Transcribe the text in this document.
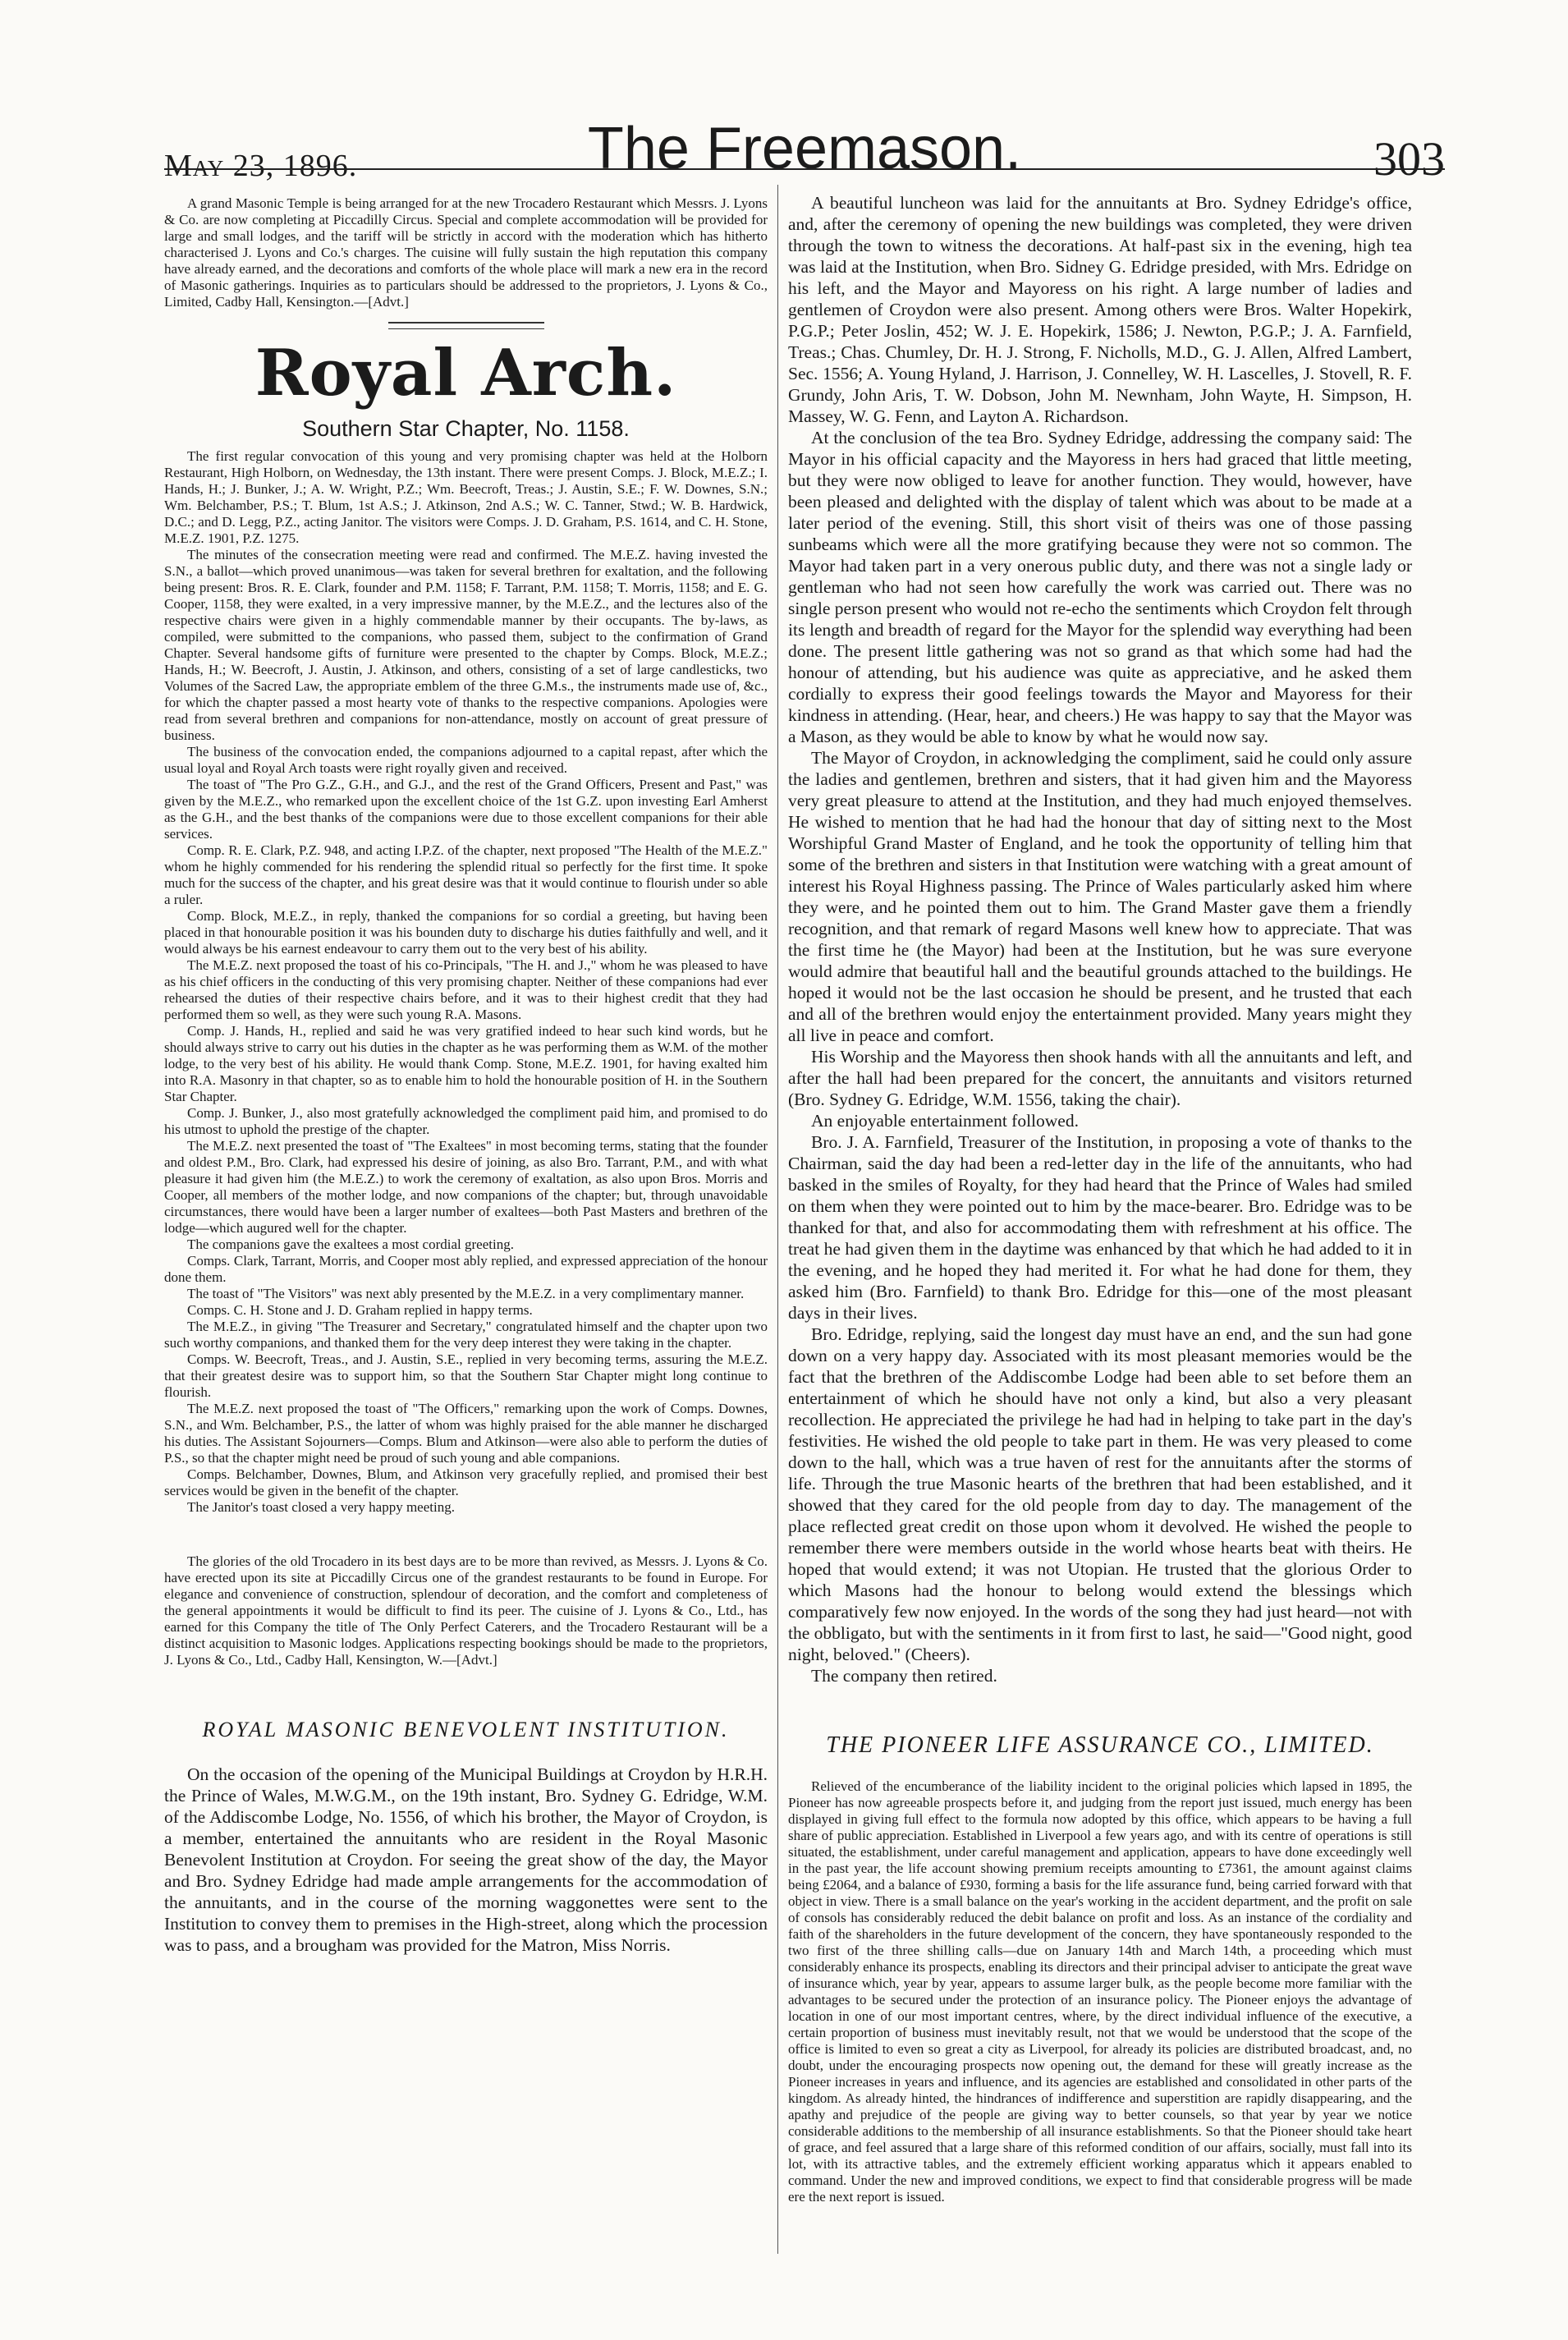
May 23, 1896.	The Freemason.	303

A grand Masonic Temple is being arranged for at the new Trocadero Restaurant which Messrs. J. Lyons & Co. are now completing at Piccadilly Circus. Special and complete accommodation will be provided for large and small lodges, and the tariff will be strictly in accord with the moderation which has hitherto characterised J. Lyons and Co.'s charges. The cuisine will fully sustain the high reputation this company have already earned, and the decorations and comforts of the whole place will mark a new era in the record of Masonic gatherings. Inquiries as to particulars should be addressed to the proprietors, J. Lyons & Co., Limited, Cadby Hall, Kensington.—[Advt.]

Royal Arch.
Southern Star Chapter, No. 1158.

The first regular convocation of this young and very promising chapter was held at the Holborn Restaurant, High Holborn, on Wednesday, the 13th instant. There were present Comps. J. Block, M.E.Z.; I. Hands, H.; J. Bunker, J.; A. W. Wright, P.Z.; Wm. Beecroft, Treas.; J. Austin, S.E.; F. W. Downes, S.N.; Wm. Belchamber, P.S.; T. Blum, 1st A.S.; J. Atkinson, 2nd A.S.; W. C. Tanner, Stwd.; W. B. Hardwick, D.C.; and D. Legg, P.Z., acting Janitor. The visitors were Comps. J. D. Graham, P.S. 1614, and C. H. Stone, M.E.Z. 1901, P.Z. 1275.

The minutes of the consecration meeting were read and confirmed. The M.E.Z. having invested the S.N., a ballot—which proved unanimous—was taken for several brethren for exaltation, and the following being present: Bros. R. E. Clark, founder and P.M. 1158; F. Tarrant, P.M. 1158; T. Morris, 1158; and E. G. Cooper, 1158, they were exalted, in a very impressive manner, by the M.E.Z., and the lectures also of the respective chairs were given in a highly commendable manner by their occupants. The by-laws, as compiled, were submitted to the companions, who passed them, subject to the confirmation of Grand Chapter. Several handsome gifts of furniture were presented to the chapter by Comps. Block, M.E.Z.; Hands, H.; W. Beecroft, J. Austin, J. Atkinson, and others, consisting of a set of large candlesticks, two Volumes of the Sacred Law, the appropriate emblem of the three G.M.s., the instruments made use of, &c., for which the chapter passed a most hearty vote of thanks to the respective companions. Apologies were read from several brethren and companions for non-attendance, mostly on account of great pressure of business.

The business of the convocation ended, the companions adjourned to a capital repast, after which the usual loyal and Royal Arch toasts were right royally given and received.

The toast of "The Pro G.Z., G.H., and G.J., and the rest of the Grand Officers, Present and Past," was given by the M.E.Z., who remarked upon the excellent choice of the 1st G.Z. upon investing Earl Amherst as the G.H., and the best thanks of the companions were due to those excellent companions for their able services.

Comp. R. E. Clark, P.Z. 948, and acting I.P.Z. of the chapter, next proposed "The Health of the M.E.Z." whom he highly commended for his rendering the splendid ritual so perfectly for the first time. It spoke much for the success of the chapter, and his great desire was that it would continue to flourish under so able a ruler.

Comp. Block, M.E.Z., in reply, thanked the companions for so cordial a greeting, but having been placed in that honourable position it was his bounden duty to discharge his duties faithfully and well, and it would always be his earnest endeavour to carry them out to the very best of his ability.

The M.E.Z. next proposed the toast of his co-Principals, "The H. and J.," whom he was pleased to have as his chief officers in the conducting of this very promising chapter. Neither of these companions had ever rehearsed the duties of their respective chairs before, and it was to their highest credit that they had performed them so well, as they were such young R.A. Masons.

Comp. J. Hands, H., replied and said he was very gratified indeed to hear such kind words, but he should always strive to carry out his duties in the chapter as he was performing them as W.M. of the mother lodge, to the very best of his ability. He would thank Comp. Stone, M.E.Z. 1901, for having exalted him into R.A. Masonry in that chapter, so as to enable him to hold the honourable position of H. in the Southern Star Chapter.

Comp. J. Bunker, J., also most gratefully acknowledged the compliment paid him, and promised to do his utmost to uphold the prestige of the chapter.

The M.E.Z. next presented the toast of "The Exaltees" in most becoming terms, stating that the founder and oldest P.M., Bro. Clark, had expressed his desire of joining, as also Bro. Tarrant, P.M., and with what pleasure it had given him (the M.E.Z.) to work the ceremony of exaltation, as also upon Bros. Morris and Cooper, all members of the mother lodge, and now companions of the chapter; but, through unavoidable circumstances, there would have been a larger number of exaltees—both Past Masters and brethren of the lodge—which augured well for the chapter.

The companions gave the exaltees a most cordial greeting.

Comps. Clark, Tarrant, Morris, and Cooper most ably replied, and expressed appreciation of the honour done them.

The toast of "The Visitors" was next ably presented by the M.E.Z. in a very complimentary manner.

Comps. C. H. Stone and J. D. Graham replied in happy terms.

The M.E.Z., in giving "The Treasurer and Secretary," congratulated himself and the chapter upon two such worthy companions, and thanked them for the very deep interest they were taking in the chapter.

Comps. W. Beecroft, Treas., and J. Austin, S.E., replied in very becoming terms, assuring the M.E.Z. that their greatest desire was to support him, so that the Southern Star Chapter might long continue to flourish.

The M.E.Z. next proposed the toast of "The Officers," remarking upon the work of Comps. Downes, S.N., and Wm. Belchamber, P.S., the latter of whom was highly praised for the able manner he discharged his duties. The Assistant Sojourners—Comps. Blum and Atkinson—were also able to perform the duties of P.S., so that the chapter might need be proud of such young and able companions.

Comps. Belchamber, Downes, Blum, and Atkinson very gracefully replied, and promised their best services would be given in the benefit of the chapter.

The Janitor's toast closed a very happy meeting.

The glories of the old Trocadero in its best days are to be more than revived, as Messrs. J. Lyons & Co. have erected upon its site at Piccadilly Circus one of the grandest restaurants to be found in Europe. For elegance and convenience of construction, splendour of decoration, and the comfort and completeness of the general appointments it would be difficult to find its peer. The cuisine of J. Lyons & Co., Ltd., has earned for this Company the title of The Only Perfect Caterers, and the Trocadero Restaurant will be a distinct acquisition to Masonic lodges. Applications respecting bookings should be made to the proprietors, J. Lyons & Co., Ltd., Cadby Hall, Kensington, W.—[Advt.]

ROYAL MASONIC BENEVOLENT INSTITUTION.

On the occasion of the opening of the Municipal Buildings at Croydon by H.R.H. the Prince of Wales, M.W.G.M., on the 19th instant, Bro. Sydney G. Edridge, W.M. of the Addiscombe Lodge, No. 1556, of which his brother, the Mayor of Croydon, is a member, entertained the annuitants who are resident in the Royal Masonic Benevolent Institution at Croydon. For seeing the great show of the day, the Mayor and Bro. Sydney Edridge had made ample arrangements for the accommodation of the annuitants, and in the course of the morning waggonettes were sent to the Institution to convey them to premises in the High-street, along which the procession was to pass, and a brougham was provided for the Matron, Miss Norris.

A beautiful luncheon was laid for the annuitants at Bro. Sydney Edridge's office, and, after the ceremony of opening the new buildings was completed, they were driven through the town to witness the decorations. At half-past six in the evening, high tea was laid at the Institution, when Bro. Sidney G. Edridge presided, with Mrs. Edridge on his left, and the Mayor and Mayoress on his right. A large number of ladies and gentlemen of Croydon were also present. Among others were Bros. Walter Hopekirk, P.G.P.; Peter Joslin, 452; W. J. E. Hopekirk, 1586; J. Newton, P.G.P.; J. A. Farnfield, Treas.; Chas. Chumley, Dr. H. J. Strong, F. Nicholls, M.D., G. J. Allen, Alfred Lambert, Sec. 1556; A. Young Hyland, J. Harrison, J. Connelley, W. H. Lascelles, J. Stovell, R. F. Grundy, John Aris, T. W. Dobson, John M. Newnham, John Wayte, H. Simpson, H. Massey, W. G. Fenn, and Layton A. Richardson.

At the conclusion of the tea Bro. Sydney Edridge, addressing the company said: The Mayor in his official capacity and the Mayoress in hers had graced that little meeting, but they were now obliged to leave for another function. They would, however, have been pleased and delighted with the display of talent which was about to be made at a later period of the evening. Still, this short visit of theirs was one of those passing sunbeams which were all the more gratifying because they were not so common. The Mayor had taken part in a very onerous public duty, and there was not a single lady or gentleman who had not seen how carefully the work was carried out. There was no single person present who would not re-echo the sentiments which Croydon felt through its length and breadth of regard for the Mayor for the splendid way everything had been done. The present little gathering was not so grand as that which some had had the honour of attending, but his audience was quite as appreciative, and he asked them cordially to express their good feelings towards the Mayor and Mayoress for their kindness in attending. (Hear, hear, and cheers.) He was happy to say that the Mayor was a Mason, as they would be able to know by what he would now say.

The Mayor of Croydon, in acknowledging the compliment, said he could only assure the ladies and gentlemen, brethren and sisters, that it had given him and the Mayoress very great pleasure to attend at the Institution, and they had much enjoyed themselves. He wished to mention that he had had the honour that day of sitting next to the Most Worshipful Grand Master of England, and he took the opportunity of telling him that some of the brethren and sisters in that Institution were watching with a great amount of interest his Royal Highness passing. The Prince of Wales particularly asked him where they were, and he pointed them out to him. The Grand Master gave them a friendly recognition, and that remark of regard Masons well knew how to appreciate. That was the first time he (the Mayor) had been at the Institution, but he was sure everyone would admire that beautiful hall and the beautiful grounds attached to the buildings. He hoped it would not be the last occasion he should be present, and he trusted that each and all of the brethren would enjoy the entertainment provided. Many years might they all live in peace and comfort.

His Worship and the Mayoress then shook hands with all the annuitants and left, and after the hall had been prepared for the concert, the annuitants and visitors returned (Bro. Sydney G. Edridge, W.M. 1556, taking the chair).

An enjoyable entertainment followed.

Bro. J. A. Farnfield, Treasurer of the Institution, in proposing a vote of thanks to the Chairman, said the day had been a red-letter day in the life of the annuitants, who had basked in the smiles of Royalty, for they had heard that the Prince of Wales had smiled on them when they were pointed out to him by the mace-bearer. Bro. Edridge was to be thanked for that, and also for accommodating them with refreshment at his office. The treat he had given them in the daytime was enhanced by that which he had added to it in the evening, and he hoped they had merited it. For what he had done for them, they asked him (Bro. Farnfield) to thank Bro. Edridge for this—one of the most pleasant days in their lives.

Bro. Edridge, replying, said the longest day must have an end, and the sun had gone down on a very happy day. Associated with its most pleasant memories would be the fact that the brethren of the Addiscombe Lodge had been able to set before them an entertainment of which he should have not only a kind, but also a very pleasant recollection. He appreciated the privilege he had had in helping to take part in the day's festivities. He wished the old people to take part in them. He was very pleased to come down to the hall, which was a true haven of rest for the annuitants after the storms of life. Through the true Masonic hearts of the brethren that had been established, and it showed that they cared for the old people from day to day. The management of the place reflected great credit on those upon whom it devolved. He wished the people to remember there were members outside in the world whose hearts beat with theirs. He hoped that would extend; it was not Utopian. He trusted that the glorious Order to which Masons had the honour to belong would extend the blessings which comparatively few now enjoyed. In the words of the song they had just heard—not with the obbligato, but with the sentiments in it from first to last, he said—"Good night, good night, beloved." (Cheers).

The company then retired.

THE PIONEER LIFE ASSURANCE CO., LIMITED.

Relieved of the encumberance of the liability incident to the original policies which lapsed in 1895, the Pioneer has now agreeable prospects before it, and judging from the report just issued, much energy has been displayed in giving full effect to the formula now adopted by this office, which appears to be having a full share of public appreciation. Established in Liverpool a few years ago, and with its centre of operations is still situated, the establishment, under careful management and application, appears to have done exceedingly well in the past year, the life account showing premium receipts amounting to £7361, the amount against claims being £2064, and a balance of £930, forming a basis for the life assurance fund, being carried forward with that object in view. There is a small balance on the year's working in the accident department, and the profit on sale of consols has considerably reduced the debit balance on profit and loss. As an instance of the cordiality and faith of the shareholders in the future development of the concern, they have spontaneously responded to the two first of the three shilling calls—due on January 14th and March 14th, a proceeding which must considerably enhance its prospects, enabling its directors and their principal adviser to anticipate the great wave of insurance which, year by year, appears to assume larger bulk, as the people become more familiar with the advantages to be secured under the protection of an insurance policy. The Pioneer enjoys the advantage of location in one of our most important centres, where, by the direct individual influence of the executive, a certain proportion of business must inevitably result, not that we would be understood that the scope of the office is limited to even so great a city as Liverpool, for already its policies are distributed broadcast, and, no doubt, under the encouraging prospects now opening out, the demand for these will greatly increase as the Pioneer increases in years and influence, and its agencies are established and consolidated in other parts of the kingdom. As already hinted, the hindrances of indifference and superstition are rapidly disappearing, and the apathy and prejudice of the people are giving way to better counsels, so that year by year we notice considerable additions to the membership of all insurance establishments. So that the Pioneer should take heart of grace, and feel assured that a large share of this reformed condition of our affairs, socially, must fall into its lot, with its attractive tables, and the extremely efficient working apparatus which it appears enabled to command. Under the new and improved conditions, we expect to find that considerable progress will be made ere the next report is issued.
